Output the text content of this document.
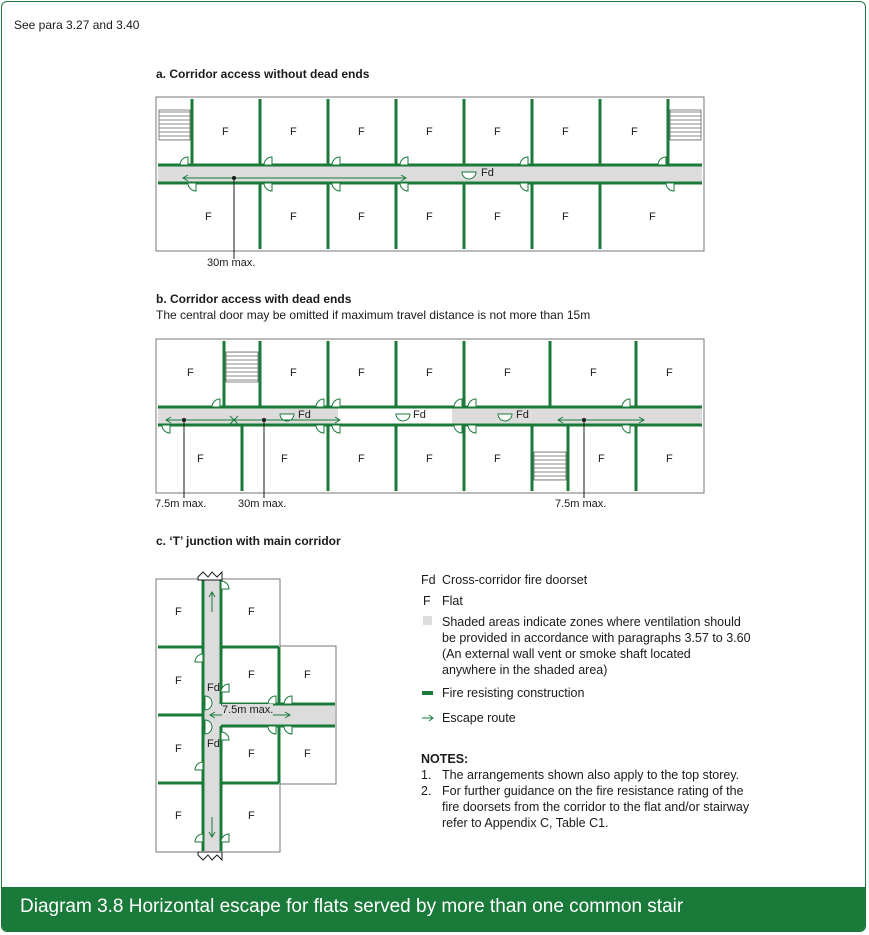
See para 3.27 and 3.40
a. Corridor access without dead ends
F	F	F	F	F	F	F
F	F	F	F	F	F	F
Fd
30m max.
b. Corridor access with dead ends
The central door may be omitted if maximum travel distance is not more than 15m
F	F	F	F	F	F	F
F	F	F	F	F	F	F
Fd	Fd	Fd
7.5m max.	30m max.	7.5m max.
c. ‘T’ junction with main corridor
F	F
F	F	F
F	F	F
F	F
Fd
Fd
7.5m max.
Fd Cross-corridor fire doorset
F Flat
Shaded areas indicate zones where ventilation should
be provided in accordance with paragraphs 3.57 to 3.60
(An external wall vent or smoke shaft located
anywhere in the shaded area)
Fire resisting construction
Escape route
NOTES:
1. The arrangements shown also apply to the top storey.
2. For further guidance on the fire resistance rating of the
fire doorsets from the corridor to the flat and/or stairway
refer to Appendix C, Table C1.
Diagram 3.8 Horizontal escape for flats served by more than one common stair
